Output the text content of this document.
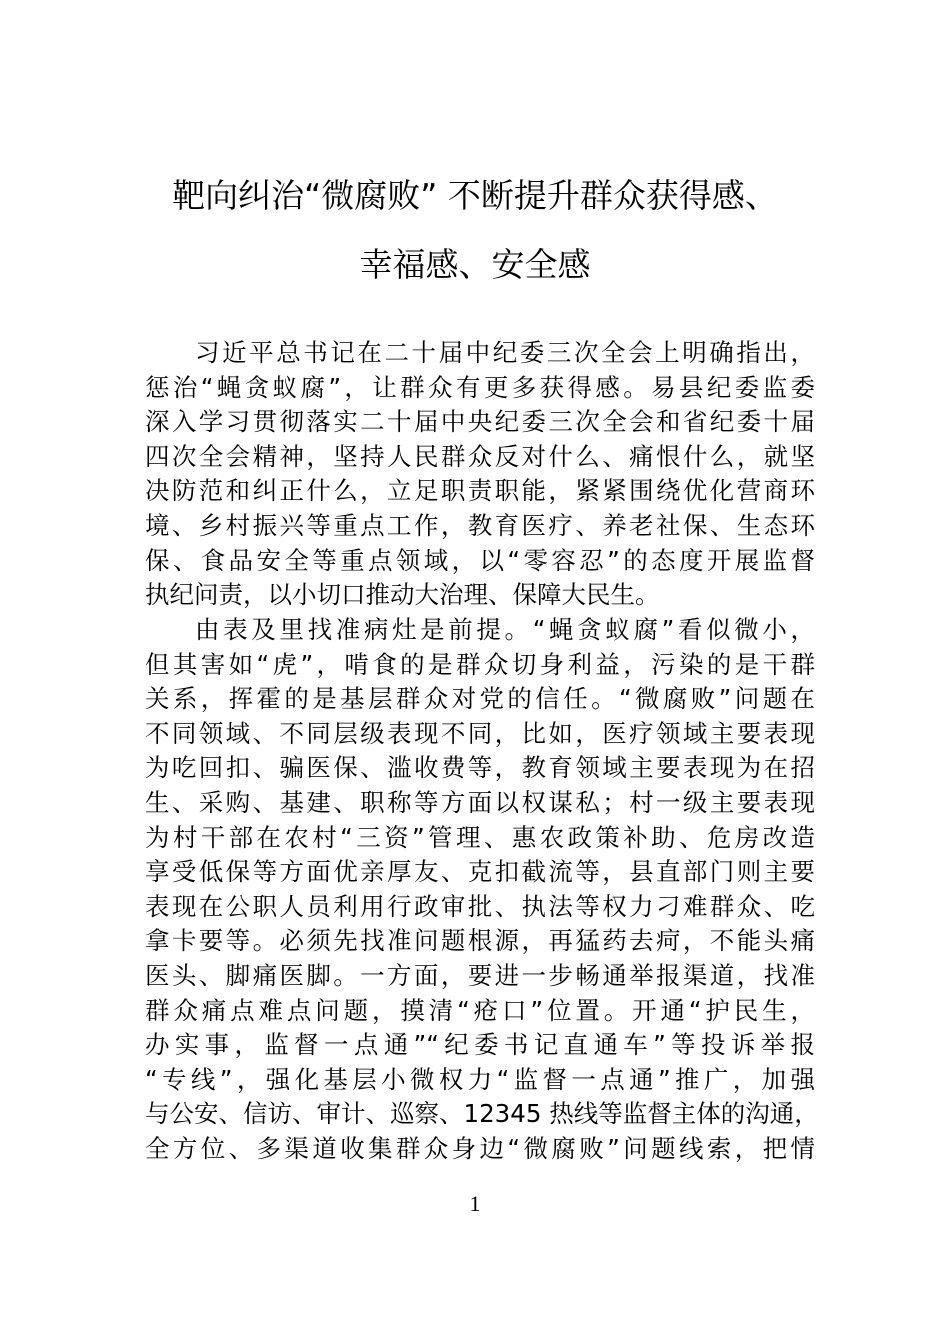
靶向纠治“微腐败” 不断提升群众获得感、
幸福感、安全感
习近平总书记在二十届中纪委三次全会上明确指出，
惩治“蝇贪蚁腐”，让群众有更多获得感。易县纪委监委
深入学习贯彻落实二十届中央纪委三次全会和省纪委十届
四次全会精神，坚持人民群众反对什么、痛恨什么，就坚
决防范和纠正什么，立足职责职能，紧紧围绕优化营商环
境、乡村振兴等重点工作，教育医疗、养老社保、生态环
保、食品安全等重点领域，以“零容忍”的态度开展监督
执纪问责，以小切口推动大治理、保障大民生。
由表及里找准病灶是前提。“蝇贪蚁腐”看似微小，
但其害如“虎”，啃食的是群众切身利益，污染的是干群
关系，挥霍的是基层群众对党的信任。“微腐败”问题在
不同领域、不同层级表现不同，比如，医疗领域主要表现
为吃回扣、骗医保、滥收费等，教育领域主要表现为在招
生、采购、基建、职称等方面以权谋私；村一级主要表现
为村干部在农村“三资”管理、惠农政策补助、危房改造
享受低保等方面优亲厚友、克扣截流等，县直部门则主要
表现在公职人员利用行政审批、执法等权力刁难群众、吃
拿卡要等。必须先找准问题根源，再猛药去疴，不能头痛
医头、脚痛医脚。一方面，要进一步畅通举报渠道，找准
群众痛点难点问题，摸清“疮口”位置。开通“护民生，
办实事，监督一点通”“纪委书记直通车”等投诉举报
“专线”，强化基层小微权力“监督一点通”推广，加强
与公安、信访、审计、巡察、12345 热线等监督主体的沟通，
全方位、多渠道收集群众身边“微腐败”问题线索，把情
1
